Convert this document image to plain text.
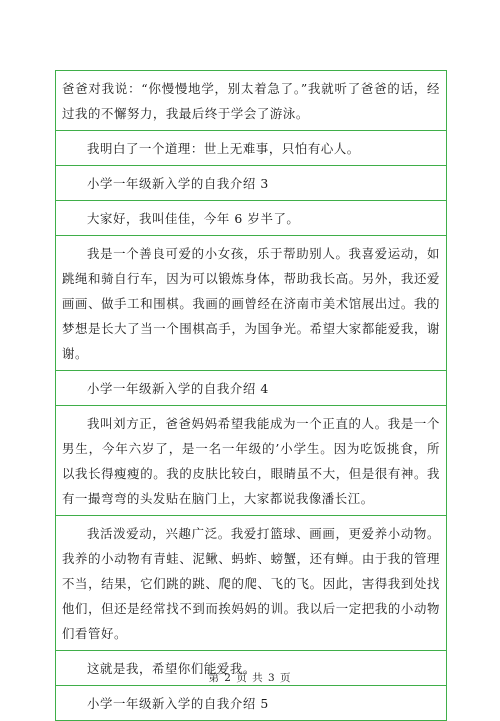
爸爸对我说：“你慢慢地学，别太着急了。”我就听了爸爸的话，经过我的不懈努力，我最后终于学会了游泳。
我明白了一个道理：世上无难事，只怕有心人。
小学一年级新入学的自我介绍 3
大家好，我叫佳佳，今年 6 岁半了。
我是一个善良可爱的小女孩，乐于帮助别人。我喜爱运动，如跳绳和骑自行车，因为可以锻炼身体，帮助我长高。另外，我还爱画画、做手工和围棋。我画的画曾经在济南市美术馆展出过。我的梦想是长大了当一个围棋高手，为国争光。希望大家都能爱我，谢谢。
小学一年级新入学的自我介绍 4
我叫刘方正，爸爸妈妈希望我能成为一个正直的人。我是一个男生，今年六岁了，是一名一年级的’小学生。因为吃饭挑食，所以我长得瘦瘦的。我的皮肤比较白，眼睛虽不大，但是很有神。我有一撮弯弯的头发贴在脑门上，大家都说我像潘长江。
我活泼爱动，兴趣广泛。我爱打篮球、画画，更爱养小动物。我养的小动物有青蛙、泥鳅、蚂蚱、螃蟹，还有蝉。由于我的管理不当，结果，它们跳的跳、爬的爬、飞的飞。因此，害得我到处找他们，但还是经常找不到而挨妈妈的训。我以后一定把我的小动物们看管好。
这就是我，希望你们能爱我。
小学一年级新入学的自我介绍 5
第 2 页 共 3 页
